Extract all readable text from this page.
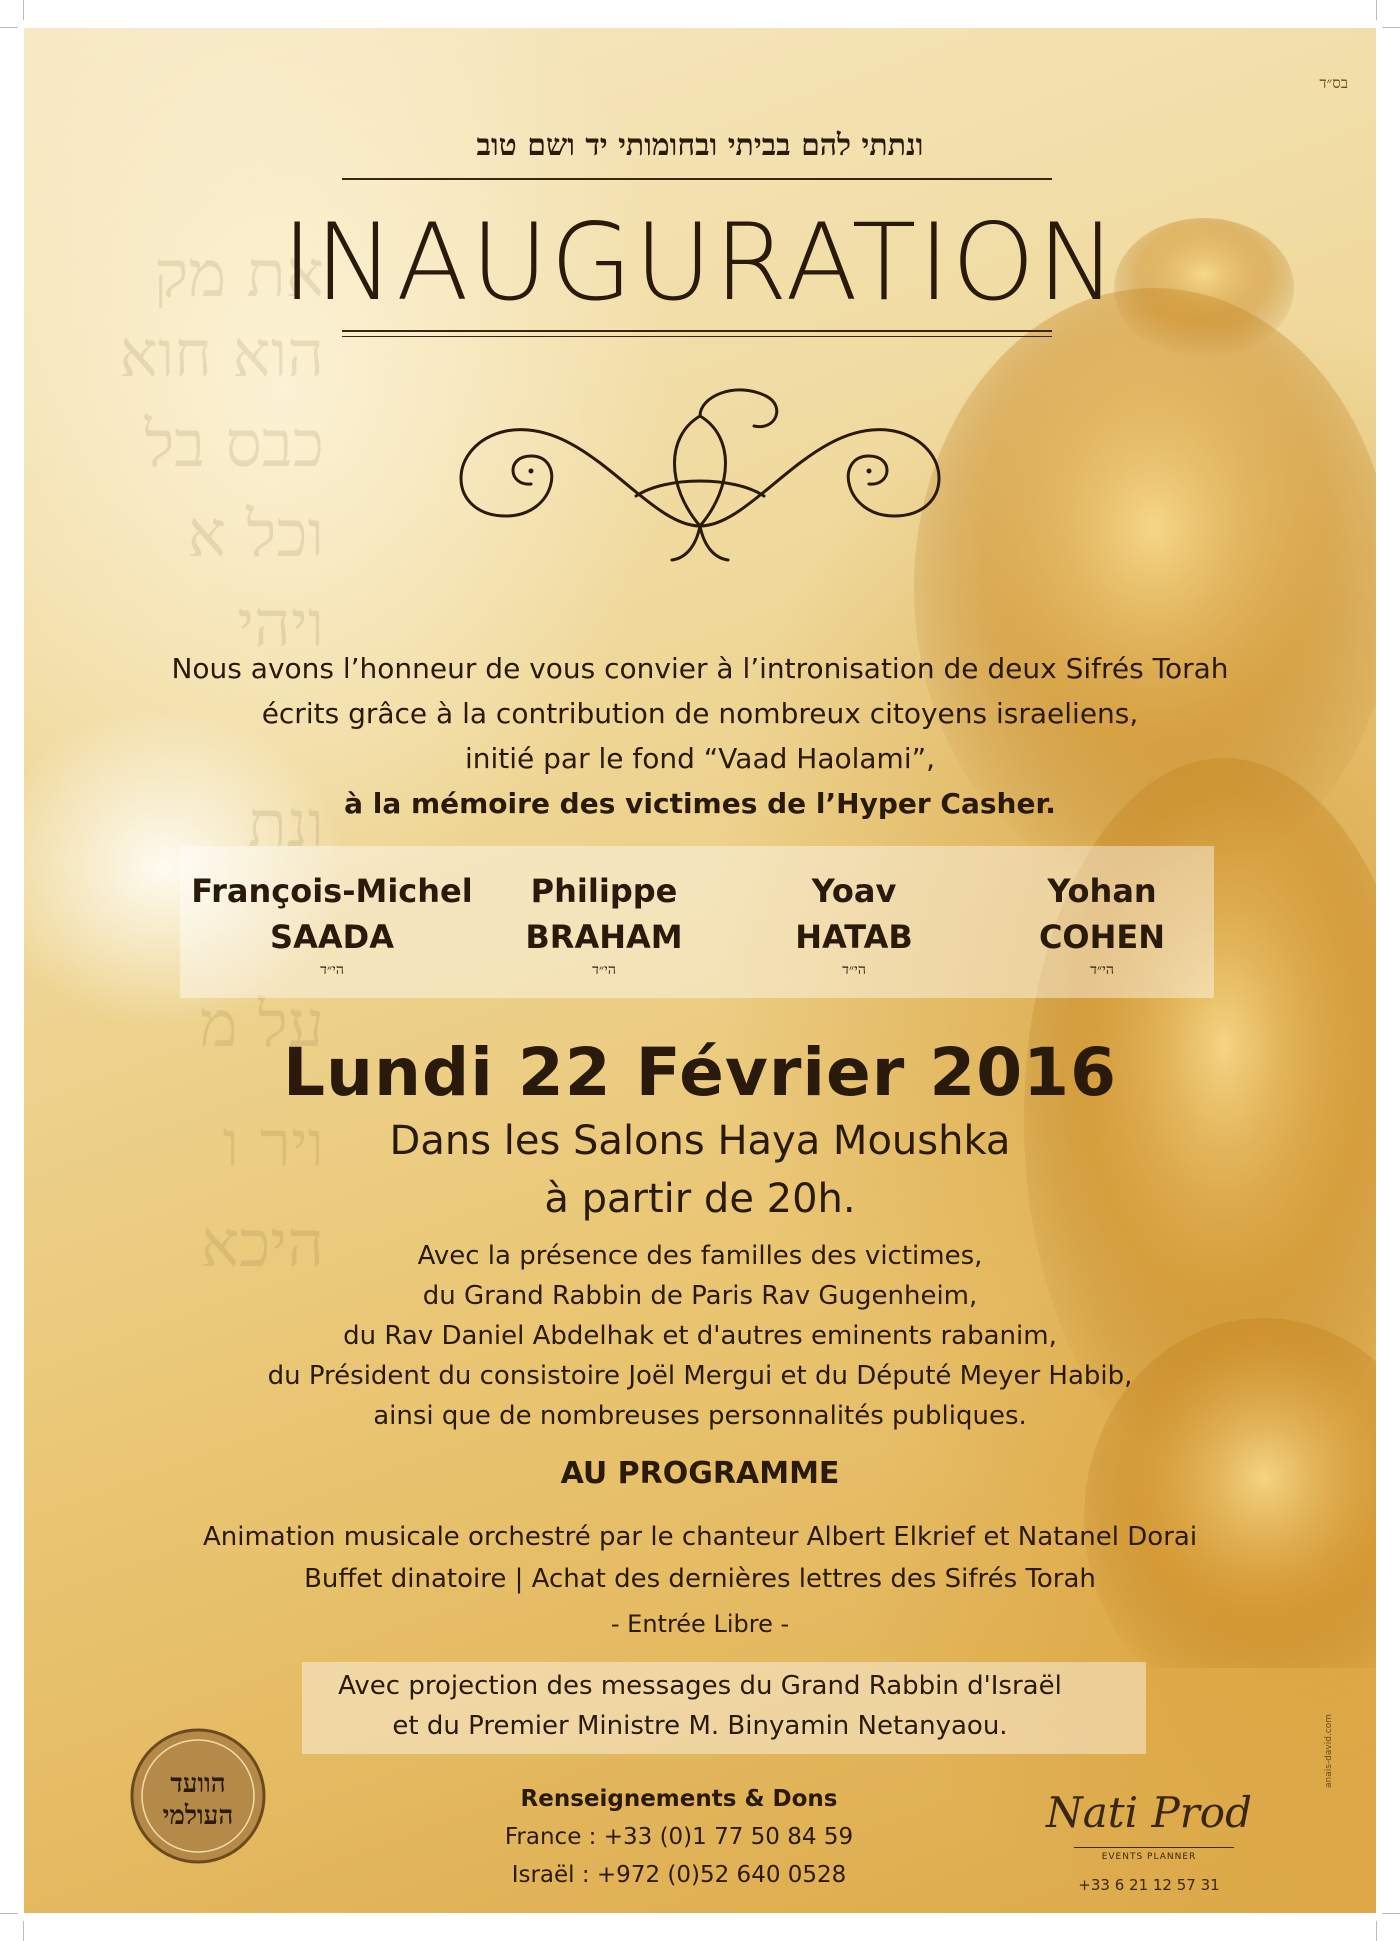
את מק
הוא חוא
כבס בל
וכל א
ויהי
ונת
על מ
ויר ו
היכא
בס״ד
ונתתי להם בביתי ובחומותי יד ושם טוב
INAUGURATION
Nous avons l’honneur de vous convier à l’intronisation de deux Sifrés Torah
écrits grâce à la contribution de nombreux citoyens israeliens,
initié par le fond “Vaad Haolami”,
à la mémoire des victimes de l’Hyper Casher.
François-Michel
SAADA
הי״ד
Philippe
BRAHAM
הי״ד
Yoav
HATAB
הי״ד
Yohan
COHEN
הי״ד
Lundi 22 Février 2016
Dans les Salons Haya Moushka
à partir de 20h.
Avec la présence des familles des victimes,
du Grand Rabbin de Paris Rav Gugenheim,
du Rav Daniel Abdelhak et d'autres eminents rabanim,
du Président du consistoire Joël Mergui et du Député Meyer Habib,
ainsi que de nombreuses personnalités publiques.
AU PROGRAMME
Animation musicale orchestré par le chanteur Albert Elkrief et Natanel Dorai
Buffet dinatoire | Achat des dernières lettres des Sifrés Torah
- Entrée Libre -
Avec projection des messages du Grand Rabbin d'Israël
et du Premier Ministre M. Binyamin Netanyaou.
הוועד
העולמי
Renseignements & Dons
France : +33 (0)1 77 50 84 59
Israël : +972 (0)52 640 0528
Nati Prod
EVENTS PLANNER
+33 6 21 12 57 31
anais-david.com
